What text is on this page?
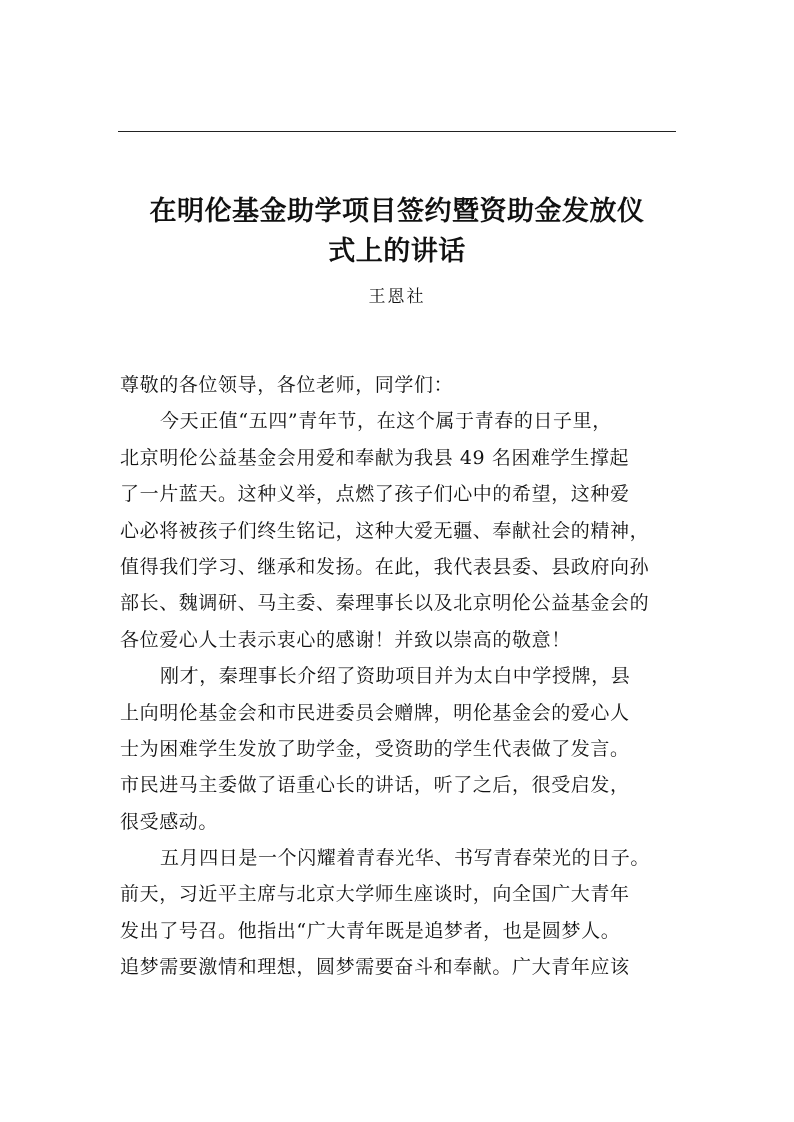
在明伦基金助学项目签约暨资助金发放仪
式上的讲话
王恩社
尊敬的各位领导，各位老师，同学们：
今天正值“五四”青年节，在这个属于青春的日子里，
北京明伦公益基金会用爱和奉献为我县 49 名困难学生撑起
了一片蓝天。这种义举，点燃了孩子们心中的希望，这种爱
心必将被孩子们终生铭记，这种大爱无疆、奉献社会的精神，
值得我们学习、继承和发扬。在此，我代表县委、县政府向孙
部长、魏调研、马主委、秦理事长以及北京明伦公益基金会的
各位爱心人士表示衷心的感谢！并致以崇高的敬意！
刚才，秦理事长介绍了资助项目并为太白中学授牌，县
上向明伦基金会和市民进委员会赠牌，明伦基金会的爱心人
士为困难学生发放了助学金，受资助的学生代表做了发言。
市民进马主委做了语重心长的讲话，听了之后，很受启发，
很受感动。
五月四日是一个闪耀着青春光华、书写青春荣光的日子。
前天，习近平主席与北京大学师生座谈时，向全国广大青年
发出了号召。他指出“广大青年既是追梦者，也是圆梦人。
追梦需要激情和理想，圆梦需要奋斗和奉献。广大青年应该
